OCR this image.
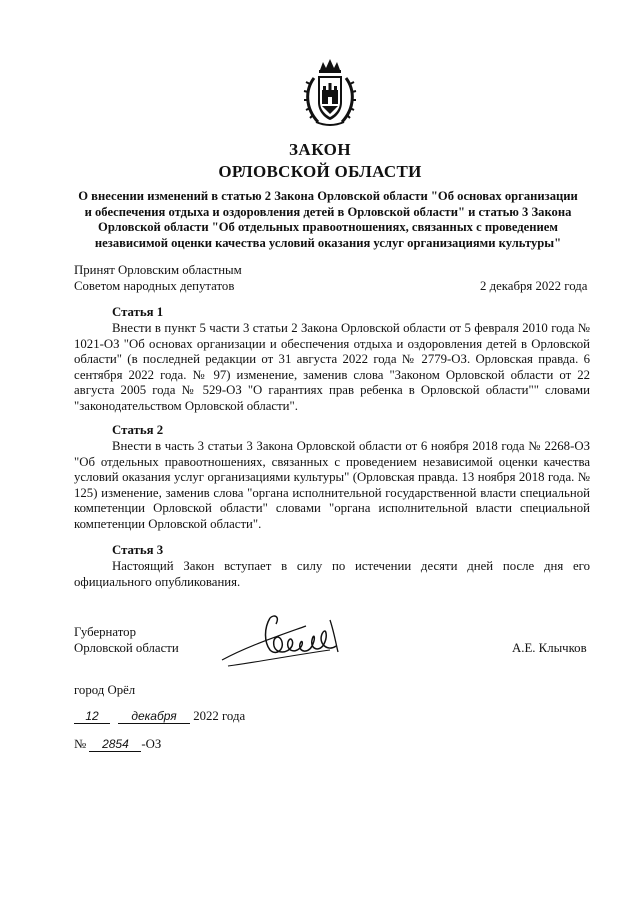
ЗАКОН
ОРЛОВСКОЙ ОБЛАСТИ
О внесении изменений в статью 2 Закона Орловской области "Об основах организации
и обеспечения отдыха и оздоровления детей в Орловской области" и статью 3 Закона
Орловской области "Об отдельных правоотношениях, связанных с проведением
независимой оценки качества условий оказания услуг организациями культуры"
Принят Орловским областным
Советом народных депутатов	2 декабря 2022 года
Статья 1
Внести в пункт 5 части 3 статьи 2 Закона Орловской области от 5 февраля 2010 года № 1021-ОЗ "Об основах организации и обеспечения отдыха и оздоровления детей в Орловской области" (в последней редакции от 31 августа 2022 года № 2779-ОЗ. Орловская правда. 6 сентября 2022 года. № 97) изменение, заменив слова "Законом Орловской области от 22 августа 2005 года № 529-ОЗ "О гарантиях прав ребенка в Орловской области"" словами "законодательством Орловской области".
Статья 2
Внести в часть 3 статьи 3 Закона Орловской области от 6 ноября 2018 года № 2268-ОЗ "Об отдельных правоотношениях, связанных с проведением независимой оценки качества условий оказания услуг организациями культуры" (Орловская правда. 13 ноября 2018 года. № 125) изменение, заменив слова "органа исполнительной государственной власти специальной компетенции Орловской области" словами "органа исполнительной власти специальной компетенции Орловской области".
Статья 3
Настоящий Закон вступает в силу по истечении десяти дней после дня его официального опубликования.
Губернатор
Орловской области	А.Е. Клычков
город Орёл
12	декабря 2022 года
№ 2854 -ОЗ
